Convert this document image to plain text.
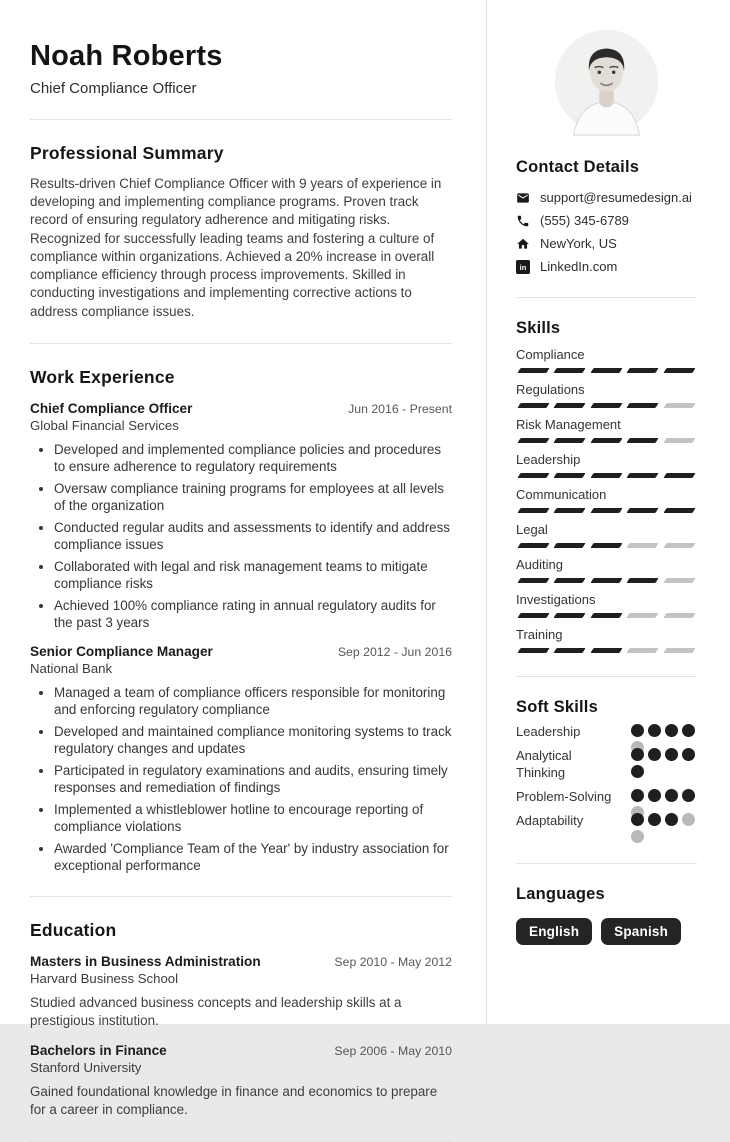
Noah Roberts
Chief Compliance Officer
Professional Summary

Results-driven Chief Compliance Officer with 9 years of experience in developing and implementing compliance programs. Proven track record of ensuring regulatory adherence and mitigating risks. Recognized for successfully leading teams and fostering a culture of compliance within organizations. Achieved a 20% increase in overall compliance efficiency through process improvements. Skilled in conducting investigations and implementing corrective actions to address compliance issues.

Work Experience
Chief Compliance Officer	Jun 2016 - Present
Global Financial Services
• Developed and implemented compliance policies and procedures to ensure adherence to regulatory requirements
• Oversaw compliance training programs for employees at all levels of the organization
• Conducted regular audits and assessments to identify and address compliance issues
• Collaborated with legal and risk management teams to mitigate compliance risks
• Achieved 100% compliance rating in annual regulatory audits for the past 3 years
Senior Compliance Manager	Sep 2012 - Jun 2016
National Bank
• Managed a team of compliance officers responsible for monitoring and enforcing regulatory compliance
• Developed and maintained compliance monitoring systems to track regulatory changes and updates
• Participated in regulatory examinations and audits, ensuring timely responses and remediation of findings
• Implemented a whistleblower hotline to encourage reporting of compliance violations
• Awarded 'Compliance Team of the Year' by industry association for exceptional performance
Education
Masters in Business Administration	Sep 2010 - May 2012
Harvard Business School

Studied advanced business concepts and leadership skills at a prestigious institution.

Bachelors in Finance	Sep 2006 - May 2010
Stanford University

Gained foundational knowledge in finance and economics to prepare for a career in compliance.

Contact Details
support@resumedesign.ai
(555) 345-6789
NewYork, US
in LinkedIn.com
Skills
Compliance
Regulations
Risk Management
Leadership
Communication
Legal
Auditing
Investigations
Training
Soft Skills
Leadership
Analytical Thinking
Problem-Solving
Adaptability
Languages
English	Spanish
